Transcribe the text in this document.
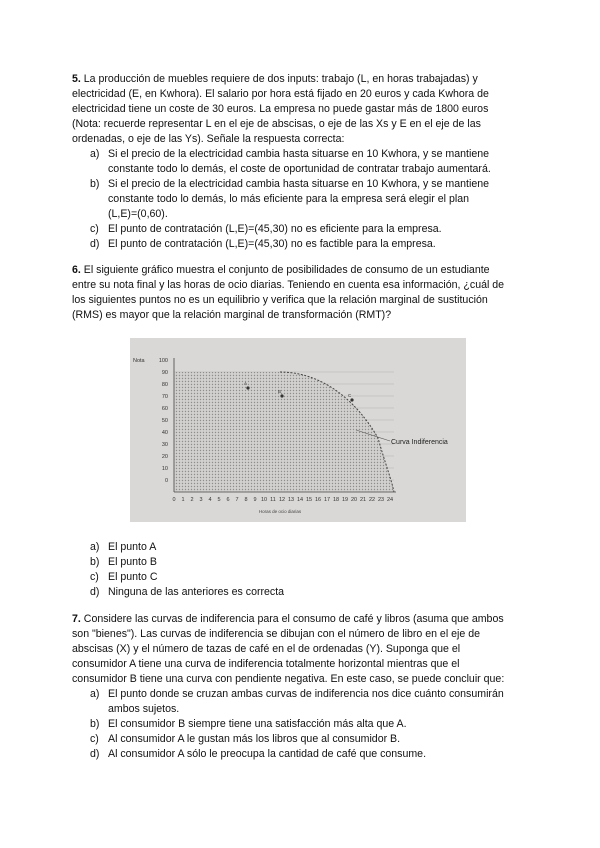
5. La producción de muebles requiere de dos inputs: trabajo (L, en horas trabajadas) y
electricidad (E, en Kwhora). El salario por hora está fijado en 20 euros y cada Kwhora de
electricidad tiene un coste de 30 euros. La empresa no puede gastar más de 1800 euros
(Nota: recuerde representar L en el eje de abscisas, o eje de las Xs y E en el eje de las
ordenadas, o eje de las Ys). Señale la respuesta correcta:

a) Si el precio de la electricidad cambia hasta situarse en 10 Kwhora, y se mantiene
constante todo lo demás, el coste de oportunidad de contratar trabajo aumentará.
b) Si el precio de la electricidad cambia hasta situarse en 10 Kwhora, y se mantiene
constante todo lo demás, lo más eficiente para la empresa será elegir el plan
(L,E)=(0,60).
c) El punto de contratación (L,E)=(45,30) no es eficiente para la empresa.
d) El punto de contratación (L,E)=(45,30) no es factible para la empresa.

6. El siguiente gráfico muestra el conjunto de posibilidades de consumo de un estudiante
entre su nota final y las horas de ocio diarias. Teniendo en cuenta esa información, ¿cuál de
los siguientes puntos no es un equilibrio y verifica que la relación marginal de sustitución
(RMS) es mayor que la relación marginal de transformación (RMT)?

Nota	100
90
80
70
60
50
40
30
20
10
0
0 1 2 3 4 5 6 7 8 9 10 11 12 13 14 15 16 17 18 19 20 21 22 23 24
Horas de ocio diarias
Curva Indiferencia
A
B
C
a) El punto A
b) El punto B
c) El punto C
d) Ninguna de las anteriores es correcta

7. Considere las curvas de indiferencia para el consumo de café y libros (asuma que ambos
son "bienes"). Las curvas de indiferencia se dibujan con el número de libro en el eje de
abscisas (X) y el número de tazas de café en el de ordenadas (Y). Suponga que el
consumidor A tiene una curva de indiferencia totalmente horizontal mientras que el
consumidor B tiene una curva con pendiente negativa. En este caso, se puede concluir que:

a) El punto donde se cruzan ambas curvas de indiferencia nos dice cuánto consumirán
ambos sujetos.
b) El consumidor B siempre tiene una satisfacción más alta que A.
c) Al consumidor A le gustan más los libros que al consumidor B.
d) Al consumidor A sólo le preocupa la cantidad de café que consume.
